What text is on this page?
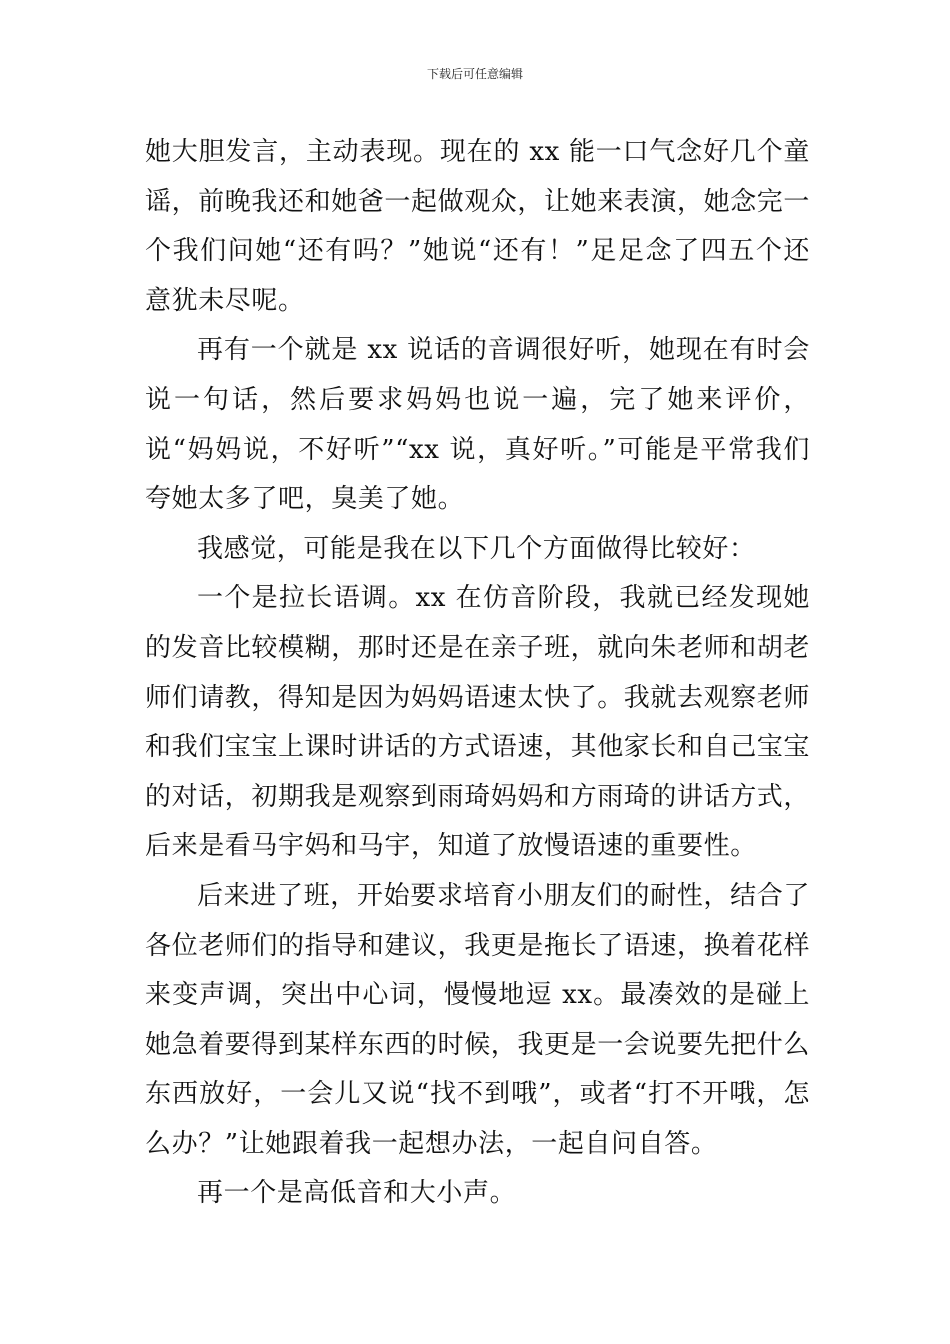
下载后可任意编辑

她大胆发言，主动表现。现在的 xx 能一口气念好几个童谣，前晚我还和她爸一起做观众，让她来表演，她念完一个我们问她“还有吗？”她说“还有！”足足念了四五个还意犹未尽呢。

再有一个就是 xx 说话的音调很好听，她现在有时会说一句话，然后要求妈妈也说一遍，完了她来评价，说“妈妈说，不好听”“xx 说，真好听。”可能是平常我们夸她太多了吧，臭美了她。

我感觉，可能是我在以下几个方面做得比较好：

一个是拉长语调。xx 在仿音阶段，我就已经发现她的发音比较模糊，那时还是在亲子班，就向朱老师和胡老师们请教，得知是因为妈妈语速太快了。我就去观察老师和我们宝宝上课时讲话的方式语速，其他家长和自己宝宝的对话，初期我是观察到雨琦妈妈和方雨琦的讲话方式，后来是看马宇妈和马宇，知道了放慢语速的重要性。

后来进了班，开始要求培育小朋友们的耐性，结合了各位老师们的指导和建议，我更是拖长了语速，换着花样来变声调，突出中心词，慢慢地逗 xx。最凑效的是碰上她急着要得到某样东西的时候，我更是一会说要先把什么东西放好，一会儿又说“找不到哦”，或者“打不开哦，怎么办？”让她跟着我一起想办法，一起自问自答。

再一个是高低音和大小声。
